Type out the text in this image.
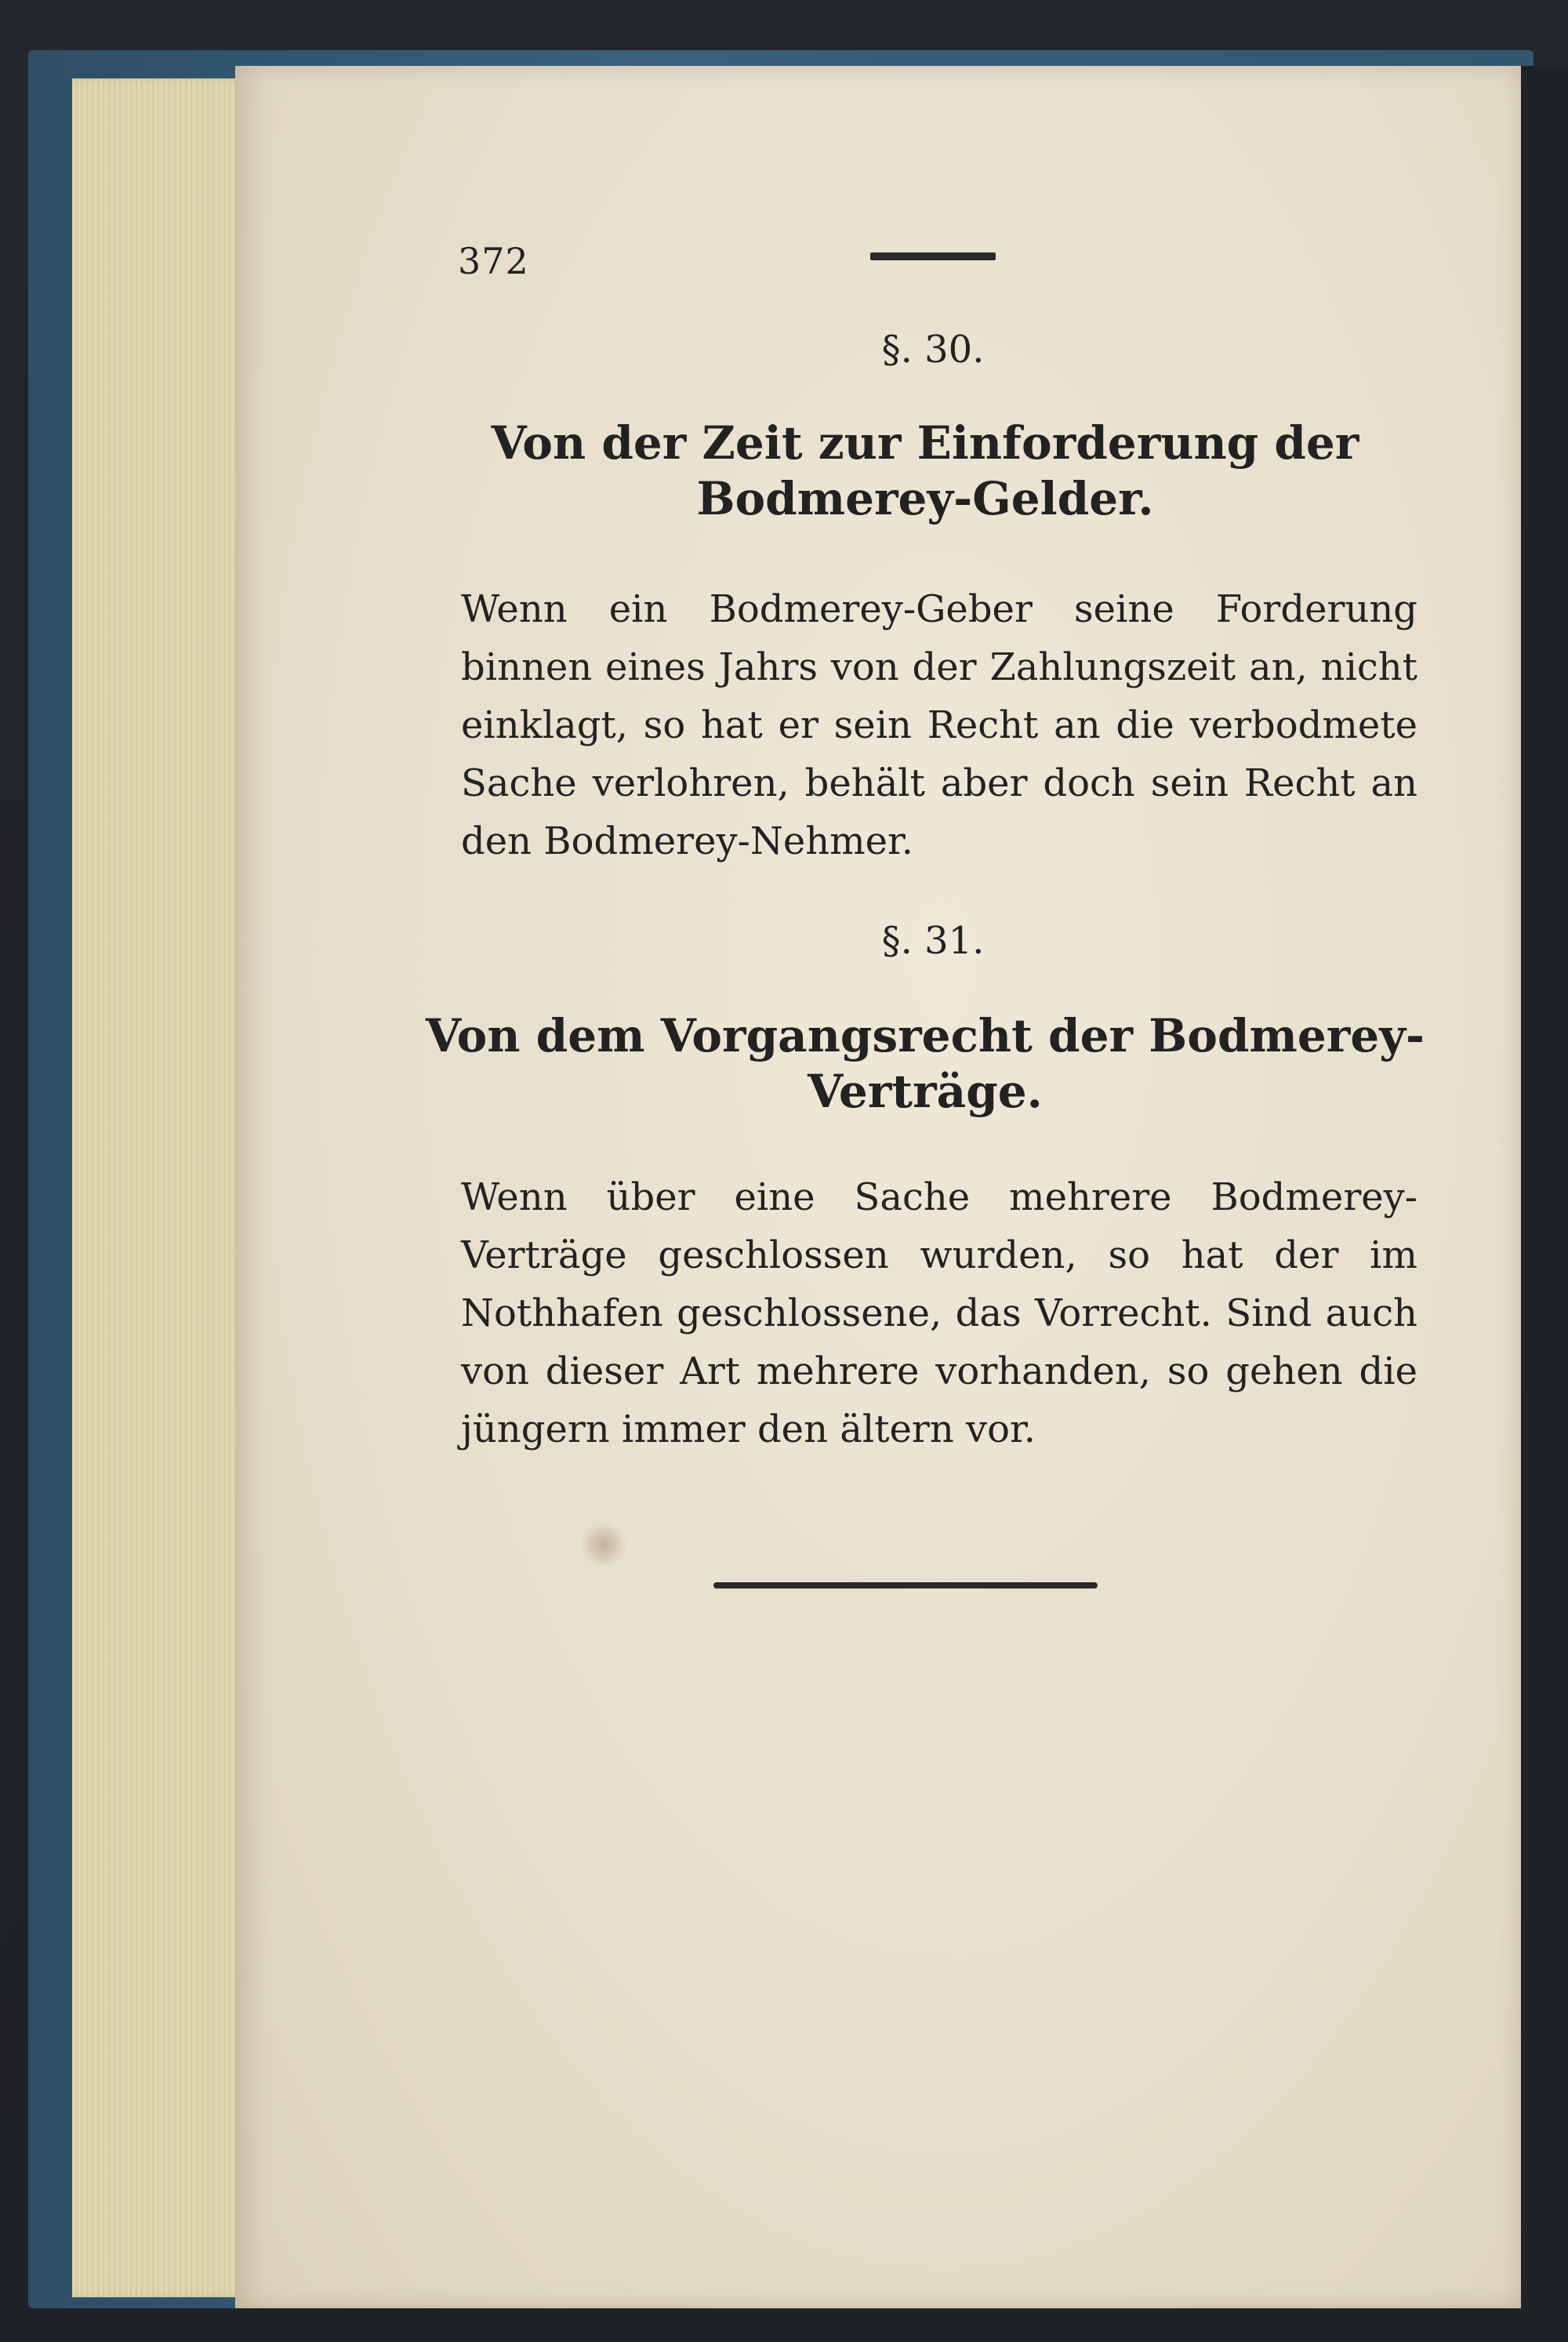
372
§. 30.
Von der Zeit zur Einforderung der Bodmerey-Gelder.
Wenn ein Bodmerey-Geber seine Forderung binnen eines Jahrs von der Zahlungszeit an, nicht einklagt, so hat er sein Recht an die verbodmete Sache verlohren, behält aber doch sein Recht an den Bodmerey-Nehmer.
§. 31.
Von dem Vorgangsrecht der Bodmerey-Verträge.
Wenn über eine Sache mehrere Bodmerey-Verträge geschlossen wurden, so hat der im Nothhafen geschlossene, das Vorrecht. Sind auch von dieser Art mehrere vorhanden, so gehen die jüngern immer den ältern vor.
